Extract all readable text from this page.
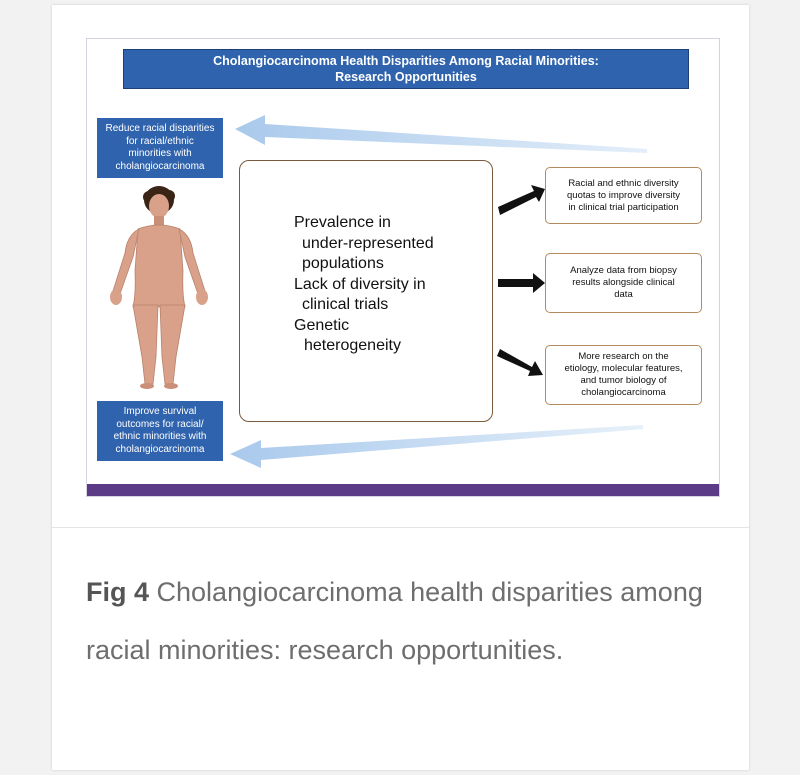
Cholangiocarcinoma Health Disparities Among Racial Minorities:
Research Opportunities
Reduce racial disparities
for racial/ethnic
minorities with
cholangiocarcinoma
Improve survival
outcomes for racial/
ethnic minorities with
cholangiocarcinoma
Prevalence in
under-represented
populations
Lack of diversity in
clinical trials
Genetic
heterogeneity
Racial and ethnic diversity
quotas to improve diversity
in clinical trial participation
Analyze data from biopsy
results alongside clinical
data
More research on the
etiology, molecular features,
and tumor biology of
cholangiocarcinoma
Fig 4 Cholangiocarcinoma health disparities among racial minorities: research opportunities.
